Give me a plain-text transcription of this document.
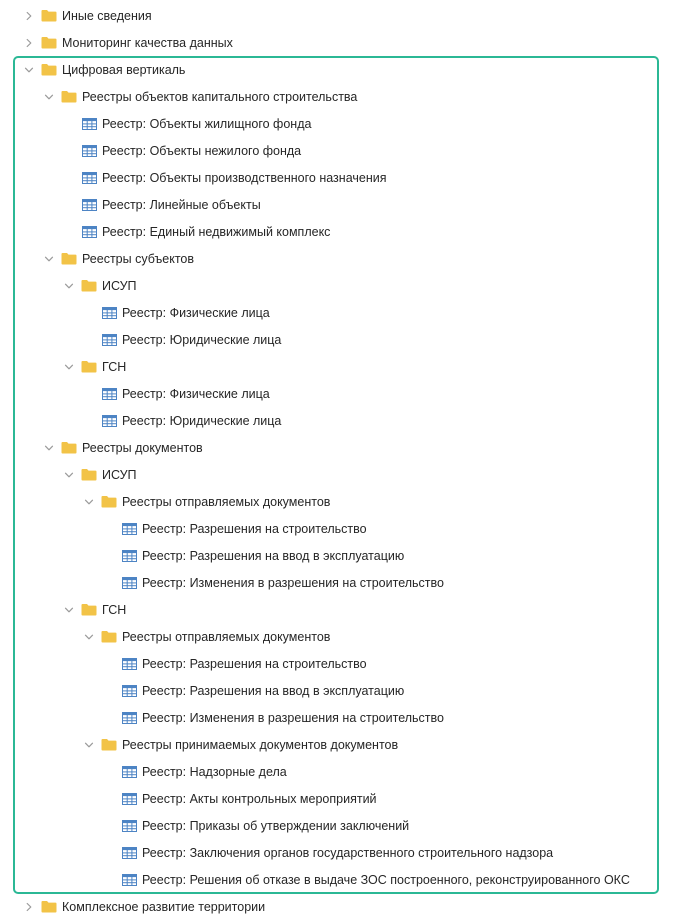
Иные сведения
Мониторинг качества данных
Цифровая вертикаль
Реестры объектов капитального строительства
Реестр: Объекты жилищного фонда
Реестр: Объекты нежилого фонда
Реестр: Объекты производственного назначения
Реестр: Линейные объекты
Реестр: Единый недвижимый комплекс
Реестры субъектов
ИСУП
Реестр: Физические лица
Реестр: Юридические лица
ГСН
Реестр: Физические лица
Реестр: Юридические лица
Реестры документов
ИСУП
Реестры отправляемых документов
Реестр: Разрешения на строительство
Реестр: Разрешения на ввод в эксплуатацию
Реестр: Изменения в разрешения на строительство
ГСН
Реестры отправляемых документов
Реестр: Разрешения на строительство
Реестр: Разрешения на ввод в эксплуатацию
Реестр: Изменения в разрешения на строительство
Реестры принимаемых документов документов
Реестр: Надзорные дела
Реестр: Акты контрольных мероприятий
Реестр: Приказы об утверждении заключений
Реестр: Заключения органов государственного строительного надзора
Реестр: Решения об отказе в выдаче ЗОС построенного, реконструированного ОКС
Комплексное развитие территории
